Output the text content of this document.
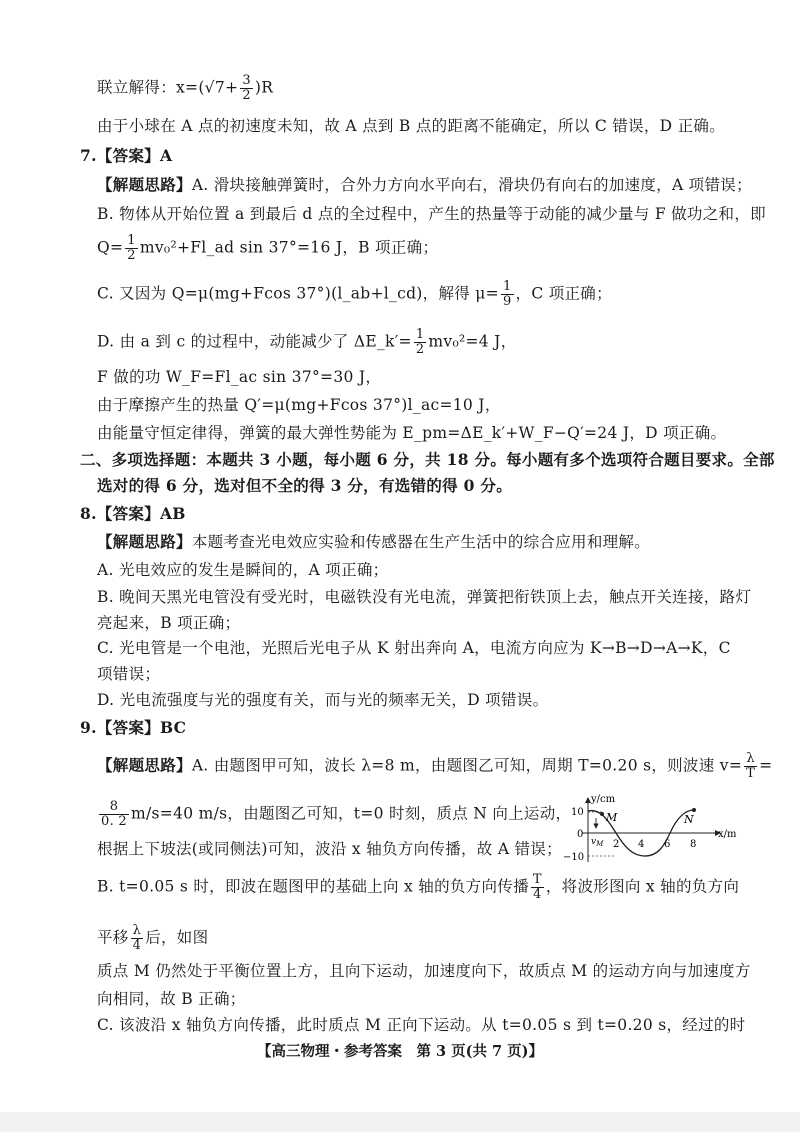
联立解得：$x=(√7+ \frac{3}{2} )R$
由于小球在 A 点的初速度未知，故 A 点到 B 点的距离不能确定，所以 C 错误，D 正确。
7.【答案】A
【解题思路】A. 滑块接触弹簧时，合外力方向水平向右，滑块仍有向右的加速度，A 项错误；
B. 物体从开始位置 a 到最后 d 点的全过程中，产生的热量等于动能的减少量与 F 做功之和，即
$Q= \frac{1}{2}$ mv₀²+Fl_ad sin 37°=16 J，B 项正确；
C. 又因为 Q=μ(mg+Fcos 37°)(l_ab+l_cd)，解得 $\mu= \frac{1}{9}$ ，C 项正确；
D. 由 a 到 c 的过程中，动能减少了 ΔE_k′= $\frac{1}{2} mv_0^2=4$ J，
F 做的功 W_F=Fl_ac sin 37°=30 J，
由于摩擦产生的热量 Q′=μ(mg+Fcos 37°)l_ac=10 J，
由能量守恒定律得，弹簧的最大弹性势能为 E_pm=ΔE_k′+W_F−Q′=24 J，D 项正确。
二、多项选择题：本题共 3 小题，每小题 6 分，共 18 分。每小题有多个选项符合题目要求。全部
选对的得 6 分，选对但不全的得 3 分，有选错的得 0 分。
8.【答案】AB
【解题思路】本题考查光电效应实验和传感器在生产生活中的综合应用和理解。
A. 光电效应的发生是瞬间的，A 项正确；
B. 晚间天黑光电管没有受光时，电磁铁没有光电流，弹簧把衔铁顶上去，触点开关连接，路灯
亮起来，B 项正确；
C. 光电管是一个电池，光照后光电子从 K 射出奔向 A，电流方向应为 K→B→D→A→K，C
项错误；
D. 光电流强度与光的强度有关，而与光的频率无关，D 项错误。
9.【答案】BC
【解题思路】A. 由题图甲可知，波长 λ=8 m，由题图乙可知，周期 T=0.20 s，则波速 $v= \frac{\lambda}{T}$ =
$\frac{8}{0. 2} m/s=40$ m/s，由题图乙可知，t=0 时刻，质点 N 向上运动，
根据上下坡法(或同侧法)可知，波沿 x 轴负方向传播，故 A 错误；
B. t=0.05 s 时，即波在题图甲的基础上向 x 轴的负方向传播 $\frac{T}{4}$ ，将波形图向 x 轴的负方向
平移 $\frac{\lambda}{4}$ 后，如图
质点 M 仍然处于平衡位置上方，且向下运动，加速度向下，故质点 M 的运动方向与加速度方
向相同，故 B 正确；
C. 该波沿 x 轴负方向传播，此时质点 M 正向下运动。从 t=0.05 s 到 t=0.20 s，经过的时
y/cm
x/m
10
0
−10
2 4 6 8
M	N
$v_M$
【高三物理・参考答案　第 3 页(共 7 页)】
